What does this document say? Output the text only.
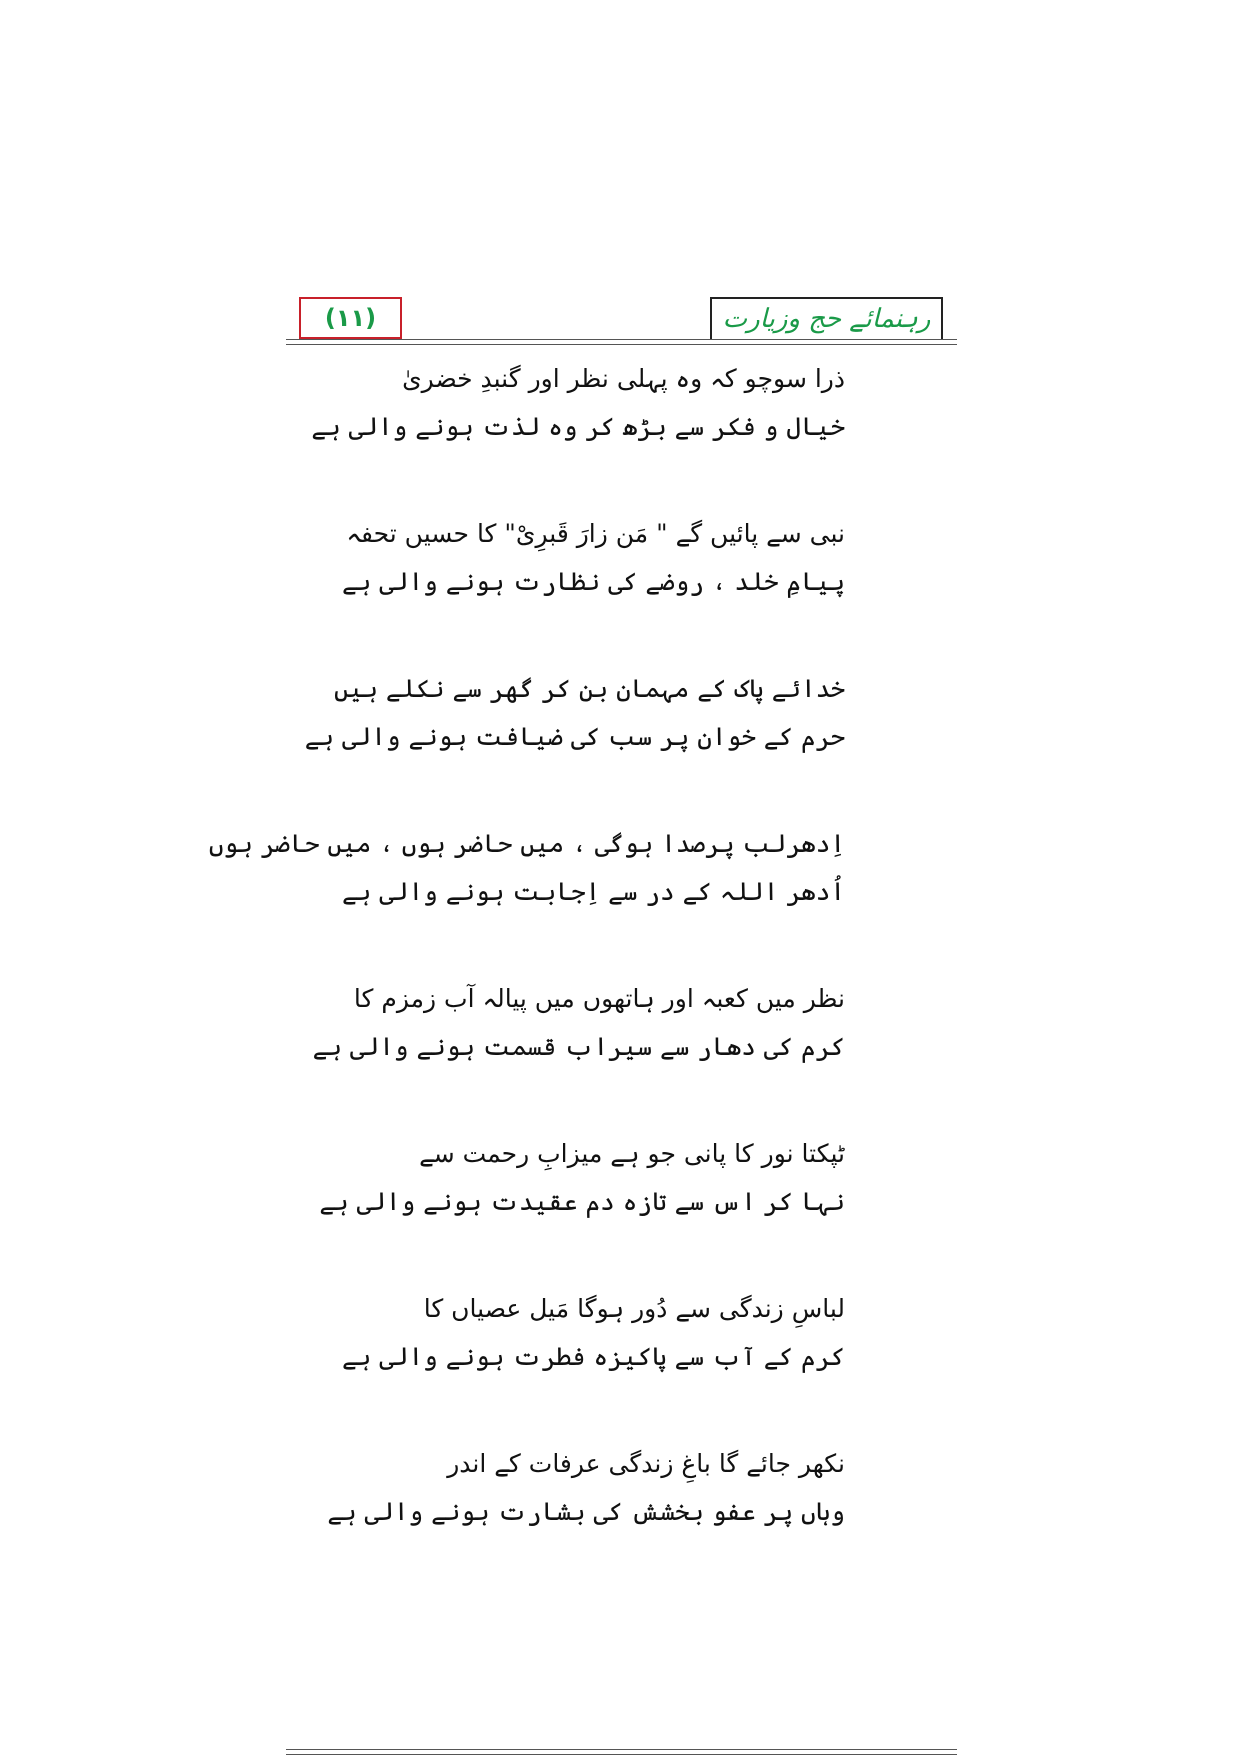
(۱۱)	رہنمائے حج وزیارت
ذرا سوچو کہ وہ پہلی نظر اور گنبدِ خضریٰ
خیال و فکر سے بڑھ کر وہ لذت ہونے والی ہے
نبی سے پائیں گے " مَن زارَ قَبرِیْ" کا حسیں تحفہ
پیامِ خلد ، روضے کی نظارت ہونے والی ہے
خدائے پاک کے مہمان بن کر گھر سے نکلے ہیں
حرم کے خوان پر سب کی ضیافت ہونے والی ہے
اِدھرلب پرصدا ہوگی ، میں حاضر ہوں ، میں حاضر ہوں
اُدھر اللہ کے در سے اِجابت ہونے والی ہے
نظر میں کعبہ اور ہاتھوں میں پیالہ آب زمزم کا
کرم کی دھار سے سیراب قسمت ہونے والی ہے
ٹپکتا نور کا پانی جو ہے میزابِ رحمت سے
نہا کر اس سے تازہ دم عقیدت ہونے والی ہے
لباسِ زندگی سے دُور ہوگا مَیل عصیاں کا
کرم کے آب سے پاکیزہ فطرت ہونے والی ہے
نکھر جائے گا باغِ زندگی عرفات کے اندر
وہاں پر عفو بخشش کی بشارت ہونے والی ہے
